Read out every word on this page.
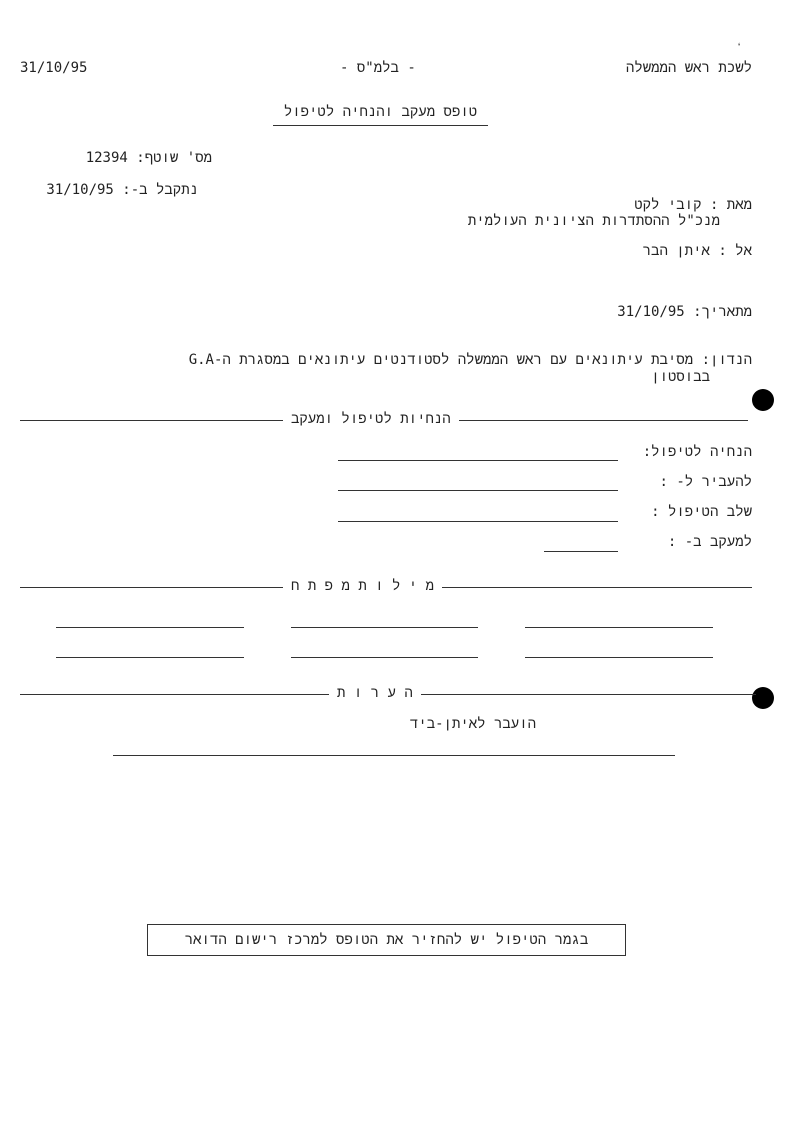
31/10/95	- בלמ"ס -	לשכת ראש הממשלה
❛
טופס מעקב והנחיה לטיפול
מס' שוטף: 12394
נתקבל ב-: 31/10/95
מאת : קובי לקט
מנכ"ל ההסתדרות הציונית העולמית
אל : איתן הבר
מתאריך: 31/10/95
הנדון: מסיבת עיתונאים עם ראש הממשלה לסטודנטים עיתונאים במסגרת ה-G.A
בבוסטון
הנחיות לטיפול ומעקב
הנחיה לטיפול:
להעביר ל- :
שלב הטיפול :
למעקב ב- :
מ י ל ו ת מ פ ת ח
ה ע ר ו ת
הועבר לאיתן-ביד
בגמר הטיפול יש להחזיר את הטופס למרכז רישום הדואר
